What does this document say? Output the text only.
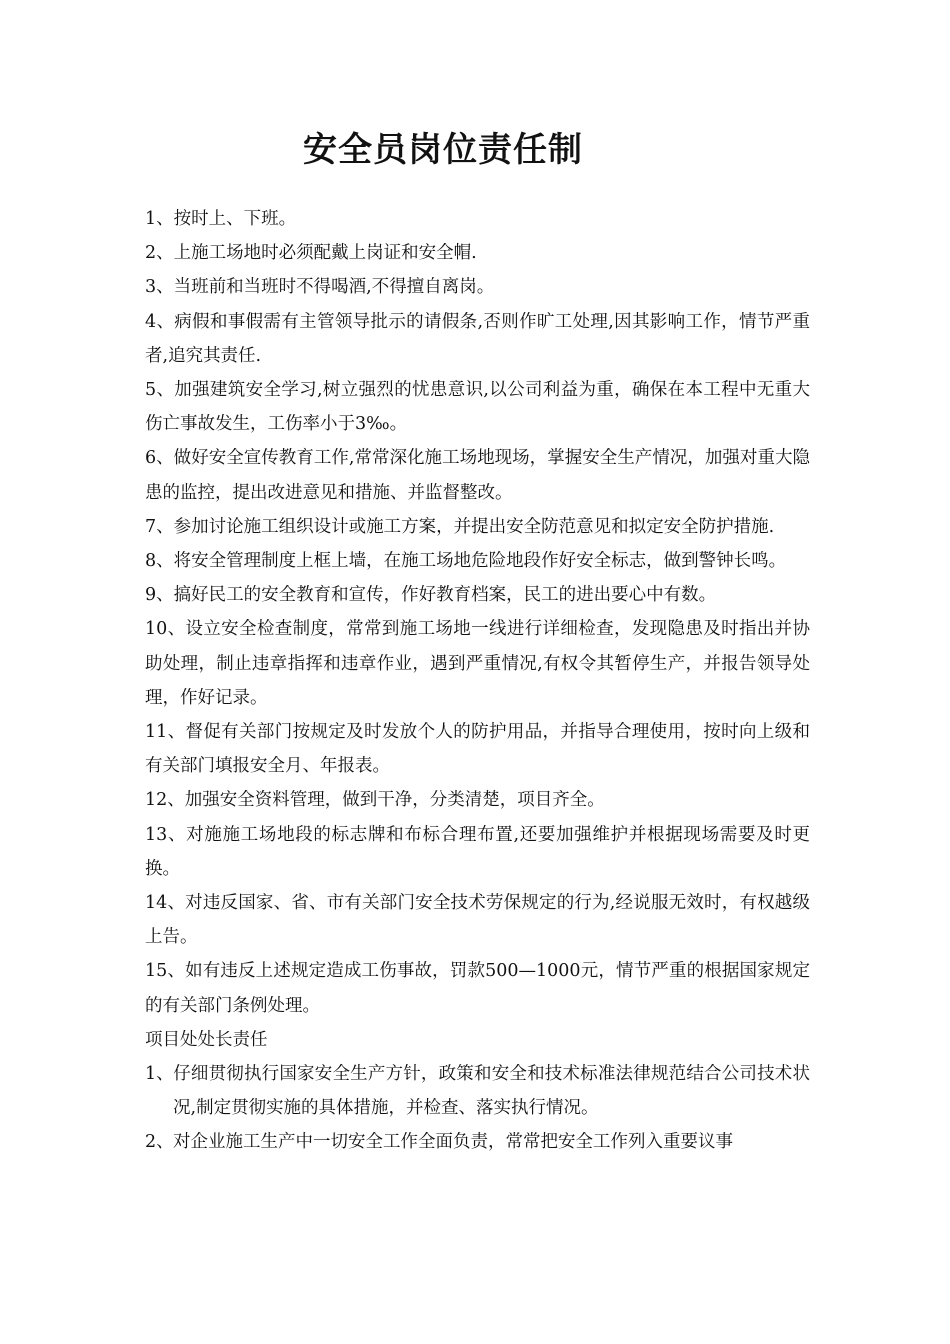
安全员岗位责任制

1、按时上、下班。

2、上施工场地时必须配戴上岗证和安全帽.

3、当班前和当班时不得喝酒,不得擅自离岗。

4、病假和事假需有主管领导批示的请假条,否则作旷工处理,因其影响工作，情节严重者,追究其责任.

5、加强建筑安全学习,树立强烈的忧患意识,以公司利益为重，确保在本工程中无重大伤亡事故发生，工伤率小于3‰。

6、做好安全宣传教育工作,常常深化施工场地现场，掌握安全生产情况，加强对重大隐患的监控，提出改进意见和措施、并监督整改。

7、参加讨论施工组织设计或施工方案，并提出安全防范意见和拟定安全防护措施.

8、将安全管理制度上框上墙，在施工场地危险地段作好安全标志，做到警钟长鸣。

9、搞好民工的安全教育和宣传，作好教育档案，民工的进出要心中有数。

10、设立安全检查制度，常常到施工场地一线进行详细检查，发现隐患及时指出并协助处理，制止违章指挥和违章作业，遇到严重情况,有权令其暂停生产，并报告领导处理，作好记录。

11、督促有关部门按规定及时发放个人的防护用品，并指导合理使用，按时向上级和有关部门填报安全月、年报表。

12、加强安全资料管理，做到干净，分类清楚，项目齐全。

13、对施施工场地段的标志牌和布标合理布置,还要加强维护并根据现场需要及时更换。

14、对违反国家、省、市有关部门安全技术劳保规定的行为,经说服无效时，有权越级上告。

15、如有违反上述规定造成工伤事故，罚款500—1000元，情节严重的根据国家规定的有关部门条例处理。

项目处处长责任

1、仔细贯彻执行国家安全生产方针，政策和安全和技术标准法律规范结合公司技术状况,制定贯彻实施的具体措施，并检查、落实执行情况。

2、对企业施工生产中一切安全工作全面负责，常常把安全工作列入重要议事
